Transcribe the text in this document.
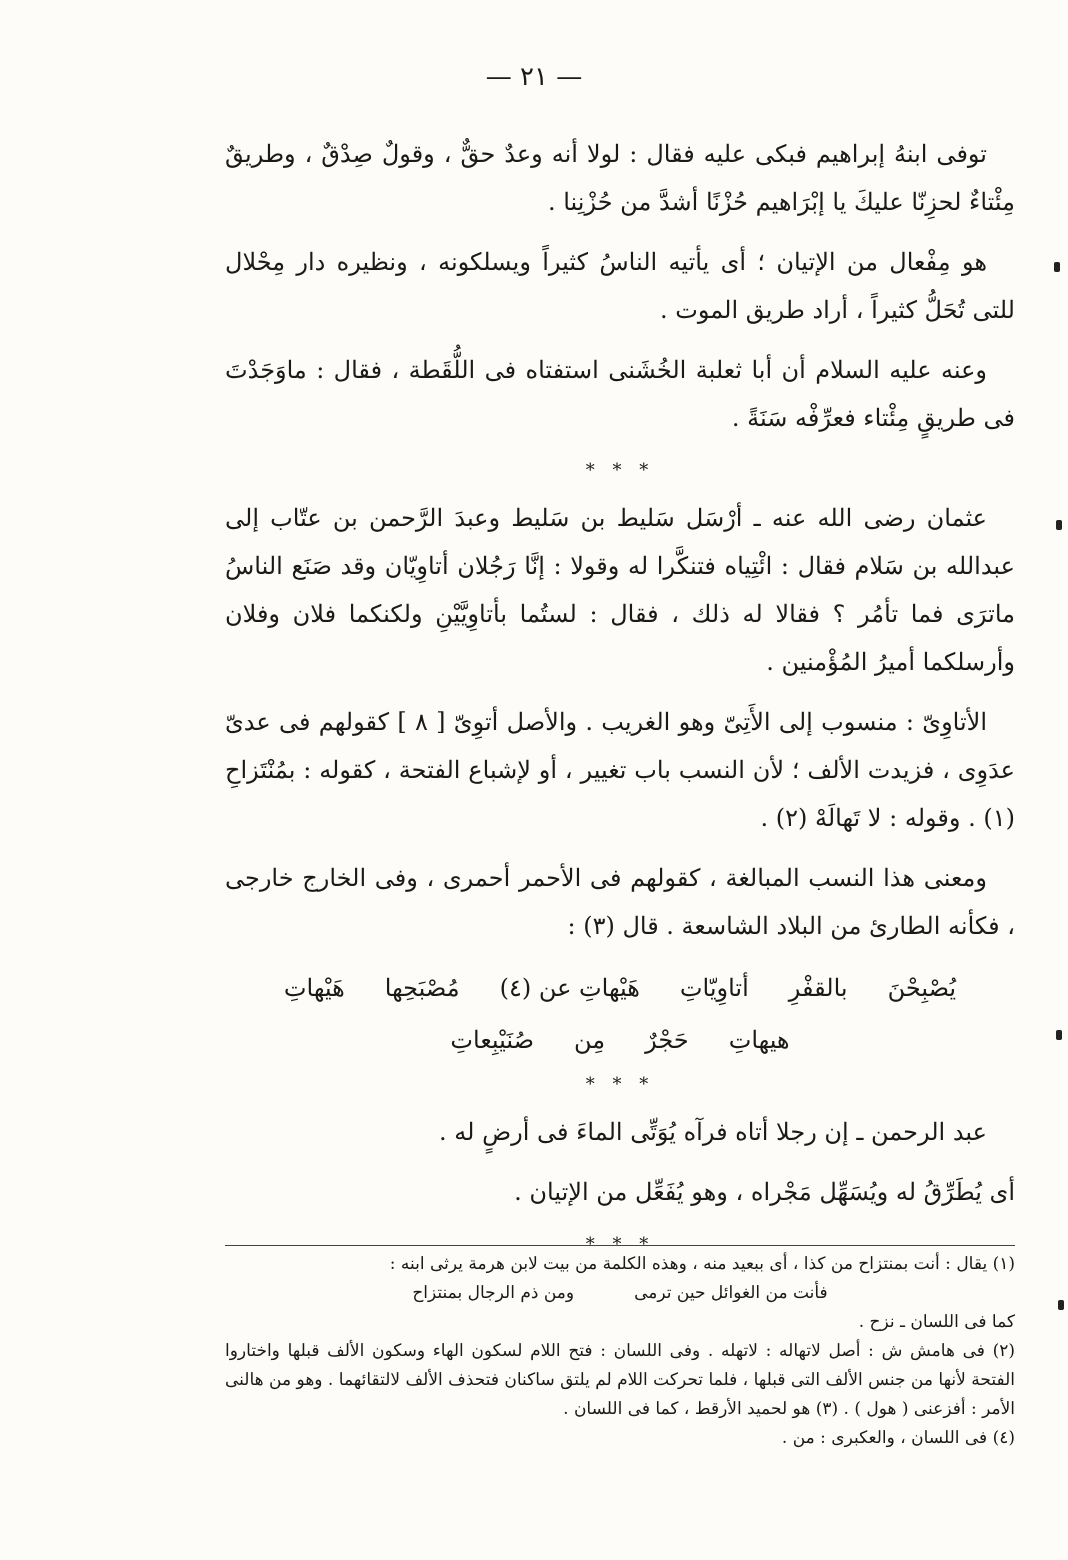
— ٢١ —

توفى ابنهُ إبراهيم فبكى عليه فقال : لولا أنه وعدٌ حقٌّ ، وقولٌ صِدْقٌ ، وطريقٌ مِئْتاءٌ لحزِنّا عليكَ يا إبْرَاهيم حُزْنًا أشدَّ من حُزْنِنا .

هو مِفْعال من الإتيان ؛ أى يأتيه الناسُ كثيراً ويسلكونه ، ونظيره دار مِحْلال للتى تُحَلُّ كثيراً ، أراد طريق الموت .

وعنه عليه السلام أن أبا ثعلبة الخُشَنى استفتاه فى اللُّقَطة ، فقال : ماوَجَدْتَ فى طريقٍ مِئْتاء فعرِّفْه سَنَةً .

* * *

عثمان رضى الله عنه ـ أرْسَل سَليط بن سَليط وعبدَ الرَّحمن بن عتّاب إلى عبدالله بن سَلام فقال : ائْتِياه فتنكَّرا له وقولا : إنَّا رَجُلان أتاوِيّان وقد صَنَع الناسُ ماترَى فما تأمُر ؟ فقالا له ذلك ، فقال : لستُما بأتاوِيَّيْنِ ولكنكما فلان وفلان وأرسلكما أميرُ المُؤْمنين .

الأتاوِىّ : منسوب إلى الأَتِىّ وهو الغريب . والأصل أتوِىّ [ ٨ ] كقولهم فى عدىّ عدَوِى ، فزيدت الألف ؛ لأن النسب باب تغيير ، أو لإشباع الفتحة ، كقوله : بمُنْتَزاحِ (١) . وقوله : لا تَهالَهْ (٢) .

ومعنى هذا النسب المبالغة ، كقولهم فى الأحمر أحمرى ، وفى الخارج خارجى ، فكأنه الطارئ من البلاد الشاسعة . قال (٣) :

يُصْبِحْنَ
بالقفْرِ
أتاوِيّاتِ
هَيْهاتِ عن (٤)
مُصْبَحِها
هَيْهاتِ
هيهاتِ
حَجْرٌ
مِن
صُنَيْبِعاتِ
* * *

عبد الرحمن ـ إن رجلا أتاه فرآه يُوَتِّى الماءَ فى أرضٍ له .

أى يُطَرِّقُ له ويُسَهِّل مَجْراه ، وهو يُفَعِّل من الإتيان .

* * *

(١) يقال : أنت بمنتزاح من كذا ، أى ببعيد منه ، وهذه الكلمة من بيت لابن هرمة يرثى ابنه :

فأنت من الغوائل حين ترمى
ومن ذم الرجال بمنتزاح

كما فى اللسان ـ نزح .

(٢) فى هامش ش : أصل لاتهاله : لاتهله . وفى اللسان : فتح اللام لسكون الهاء وسكون الألف قبلها واختاروا الفتحة لأنها من جنس الألف التى قبلها ، فلما تحركت اللام لم يلتق ساكنان فتحذف الألف لالتقائهما . وهو من هالنى الأمر : أفزعنى ( هول ) . (٣) هو لحميد الأرقط ، كما فى اللسان .

(٤) فى اللسان ، والعكبرى : من .
